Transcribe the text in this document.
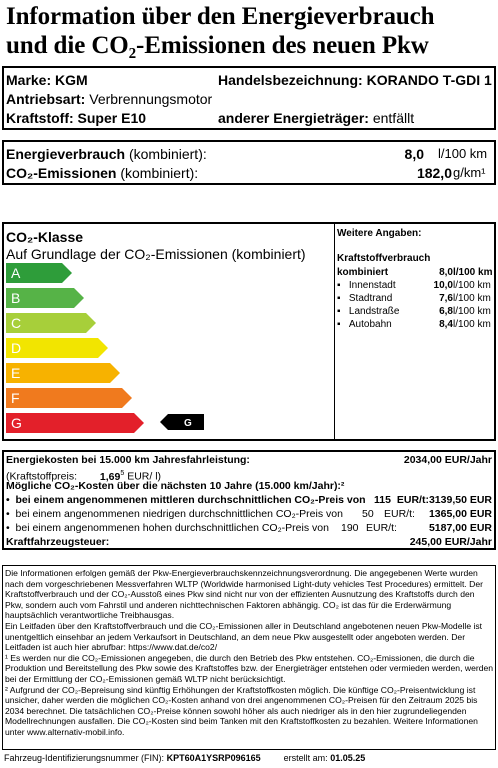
Information über den Energieverbrauch
und die CO₂-Emissionen des neuen Pkw
Marke: KGM	Handelsbezeichnung: KORANDO T-GDI 1
Antriebsart: Verbrennungsmotor
Kraftstoff: Super E10	anderer Energieträger: entfällt
Energieverbrauch (kombiniert):	8,0 l/100 km
CO₂-Emissionen (kombiniert):	182,0 g/km¹
CO₂-Klasse
Auf Grundlage der CO₂-Emissionen (kombiniert)
A
B
C
D
E
F
G	G
Weitere Angaben:
Kraftstoffverbrauch
kombiniert	8,0 l/100 km
▪   Innenstadt	10,0 l/100 km
▪   Stadtrand	7,6 l/100 km
▪   Landstraße	6,8 l/100 km
▪   Autobahn	8,4 l/100 km
Energiekosten bei 15.000 km Jahresfahrleistung:	2034,00 EUR/Jahr
(Kraftstoffpreis: 1,69$^5$ EUR/ l)
Mögliche CO₂-Kosten über die nächsten 10 Jahre (15.000 km/Jahr):²
•  bei einem angenommenen mittleren durchschnittlichen CO₂-Preis von 115 EUR/t:3139,50 EUR
•  bei einem angenommenen niedrigen durchschnittlichen CO₂-Preis von 50 EUR/t: 1365,00 EUR
•  bei einem angenommenen hohen durchschnittlichen CO₂-Preis von 190 EUR/t:	5187,00 EUR
Kraftfahrzeugsteuer:	245,00 EUR/Jahr
Die Informationen erfolgen gemäß der Pkw-Energieverbrauchskennzeichnungsverordnung. Die angegebenen Werte wurden nach dem vorgeschriebenen Messverfahren WLTP (Worldwide harmonised Light-duty vehicles Test Procedures) ermittelt. Der Kraftstoffverbrauch und der CO₂-Ausstoß eines Pkw sind nicht nur von der effizienten Ausnutzung des Kraftstoffs durch den Pkw, sondern auch vom Fahrstil und anderen nichttechnischen Faktoren abhängig. CO₂ ist das für die Erderwärmung hauptsächlich verantwortliche Treibhausgas.
Ein Leitfaden über den Kraftstoffverbrauch und die CO₂-Emissionen aller in Deutschland angebotenen neuen Pkw-Modelle ist unentgeltlich einsehbar an jedem Verkaufsort in Deutschland, an dem neue Pkw ausgestellt oder angeboten werden. Der Leitfaden ist auch hier abrufbar: https://www.dat.de/co2/
¹ Es werden nur die CO₂-Emissionen angegeben, die durch den Betrieb des Pkw entstehen. CO₂-Emissionen, die durch die Produktion und Bereitstellung des Pkw sowie des Kraftstoffes bzw. der Energieträger entstehen oder vermieden werden, werden bei der Ermittlung der CO₂-Emissionen gemäß WLTP nicht berücksichtigt.
² Aufgrund der CO₂-Bepreisung sind künftig Erhöhungen der Kraftstoffkosten möglich. Die künftige CO₂-Preisentwicklung ist unsicher, daher werden die möglichen CO₂-Kosten anhand von drei angenommenen CO₂-Preisen für den Zeitraum 2025 bis 2034 berechnet. Die tatsächlichen CO₂-Preise können sowohl höher als auch niedriger als in den hier zugrundeliegenden Modellrechnungen ausfallen. Die CO₂-Kosten sind beim Tanken mit den Kraftstoffkosten zu bezahlen. Weitere Informationen unter www.alternativ-mobil.info.
Fahrzeug-Identifizierungsnummer (FIN): KPT60A1YSRP096165	erstellt am: 01.05.25
